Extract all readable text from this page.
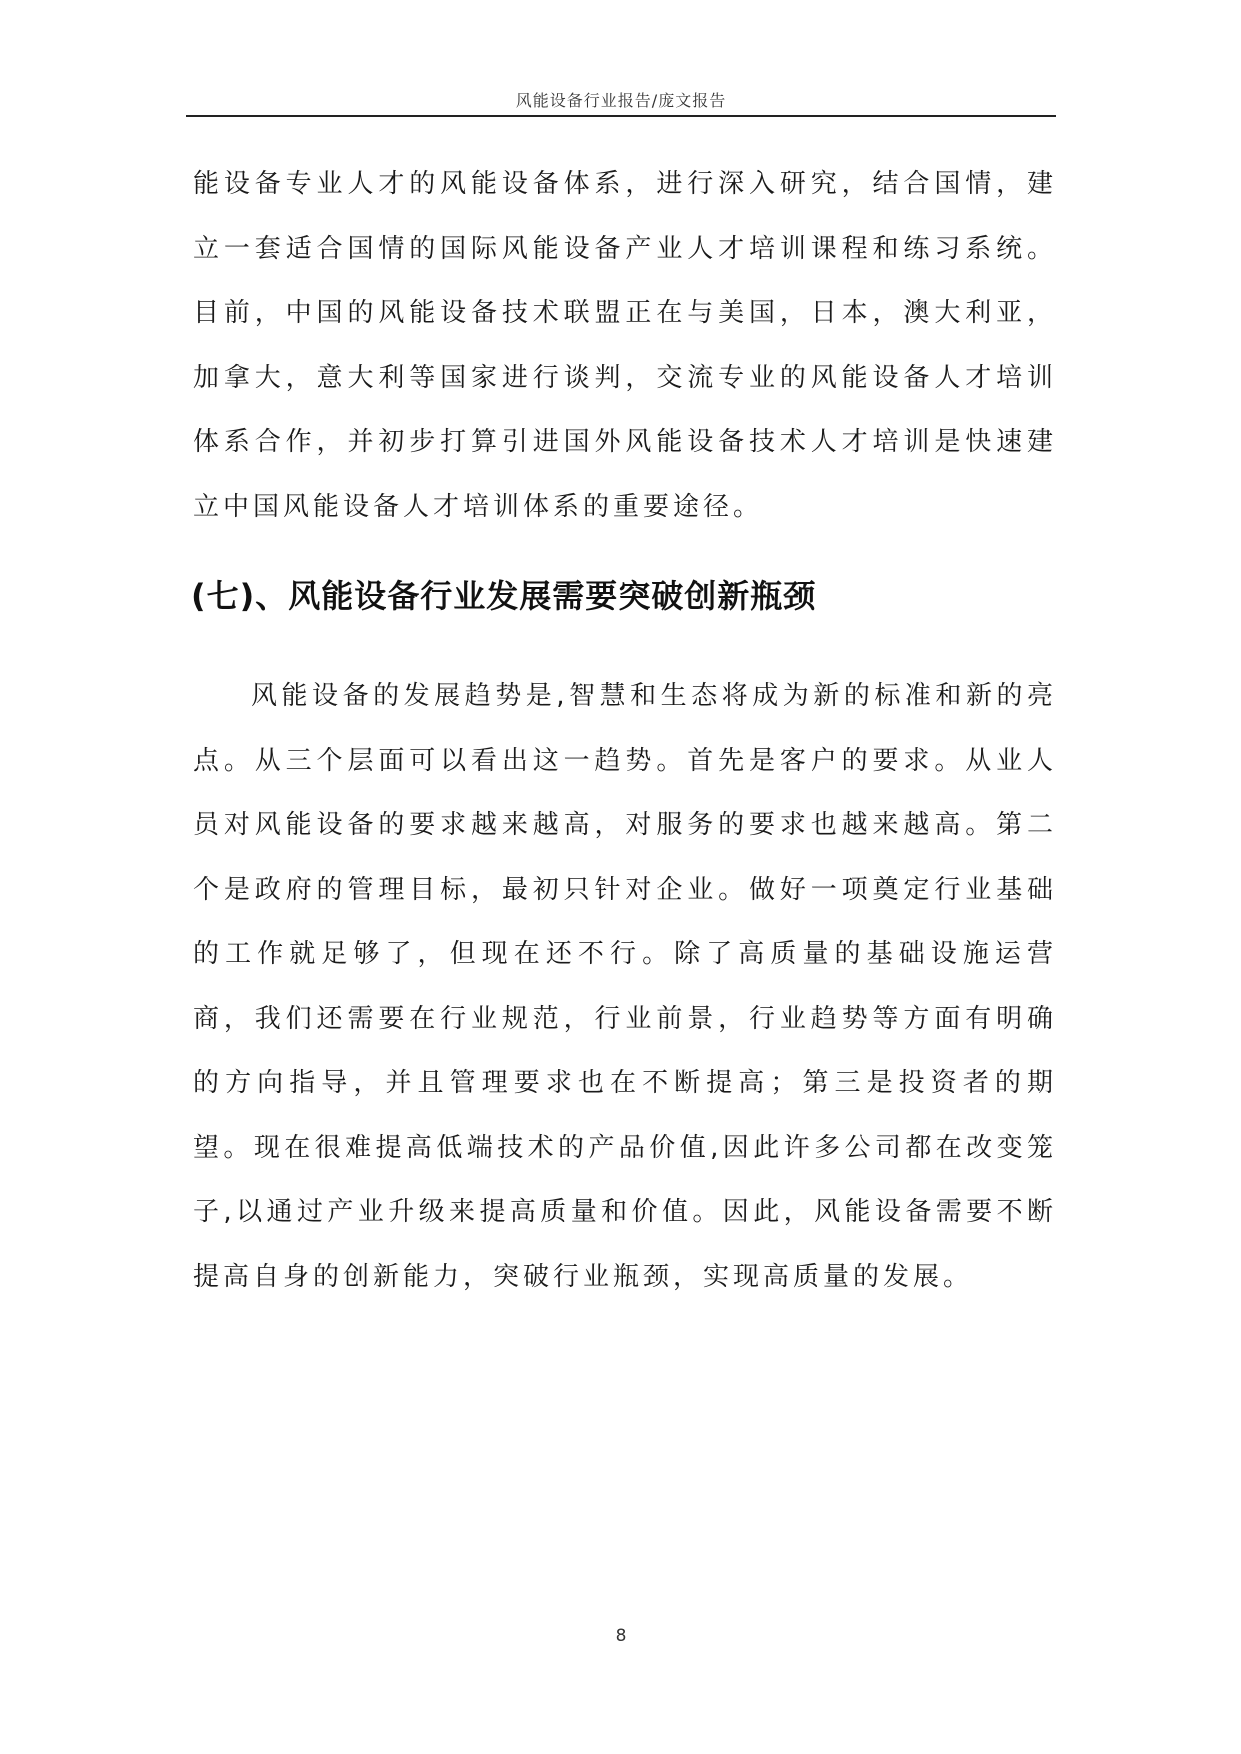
风能设备行业报告/庞文报告

能设备专业人才的风能设备体系，进行深入研究，结合国情，建立一套适合国情的国际风能设备产业人才培训课程和练习系统。目前，中国的风能设备技术联盟正在与美国，日本，澳大利亚，加拿大，意大利等国家进行谈判，交流专业的风能设备人才培训体系合作，并初步打算引进国外风能设备技术人才培训是快速建立中国风能设备人才培训体系的重要途径。

(七)、风能设备行业发展需要突破创新瓶颈

风能设备的发展趋势是,智慧和生态将成为新的标准和新的亮点。从三个层面可以看出这一趋势。首先是客户的要求。从业人员对风能设备的要求越来越高，对服务的要求也越来越高。第二个是政府的管理目标，最初只针对企业。做好一项奠定行业基础的工作就足够了，但现在还不行。除了高质量的基础设施运营商，我们还需要在行业规范，行业前景，行业趋势等方面有明确的方向指导，并且管理要求也在不断提高；第三是投资者的期望。现在很难提高低端技术的产品价值,因此许多公司都在改变笼子,以通过产业升级来提高质量和价值。因此，风能设备需要不断提高自身的创新能力，突破行业瓶颈，实现高质量的发展。

8
